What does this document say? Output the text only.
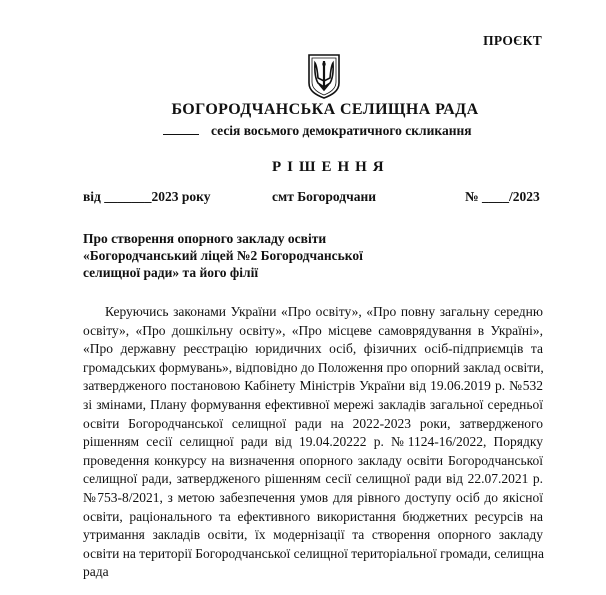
ПРОЄКТ
БОГОРОДЧАНСЬКА СЕЛИЩНА РАДА
сесія восьмого демократичного скликання
РІШЕННЯ
від _______2023 року	смт Богородчани	№ ____/2023
Про створення опорного закладу освіти
«Богородчанський ліцей №2 Богородчанської
селищної ради» та його філії
Керуючись законами України «Про освіту», «Про повну загальну середню
освіту», «Про дошкільну освіту», «Про місцеве самоврядування в Україні»,
«Про державну реєстрацію юридичних осіб, фізичних осіб-підприємців та
громадських формувань», відповідно до Положення про опорний заклад освіти,
затвердженого постановою Кабінету Міністрів України від 19.06.2019 р. №532
зі змінами, Плану формування ефективної мережі закладів загальної середньої
освіти Богородчанської селищної ради на 2022-2023 роки, затвердженого
рішенням сесії селищної ради від 19.04.20222 р. №1124-16/2022, Порядку
проведення конкурсу на визначення опорного закладу освіти Богородчанської
селищної ради, затвердженого рішенням сесії селищної ради від 22.07.2021 р.
№753-8/2021, з метою забезпечення умов для рівного доступу осіб до якісної
освіти, раціонального та ефективного використання бюджетних ресурсів на
утримання закладів освіти, їх модернізації та створення опорного закладу
освіти на території Богородчанської селищної територіальної громади, селищна
рада
